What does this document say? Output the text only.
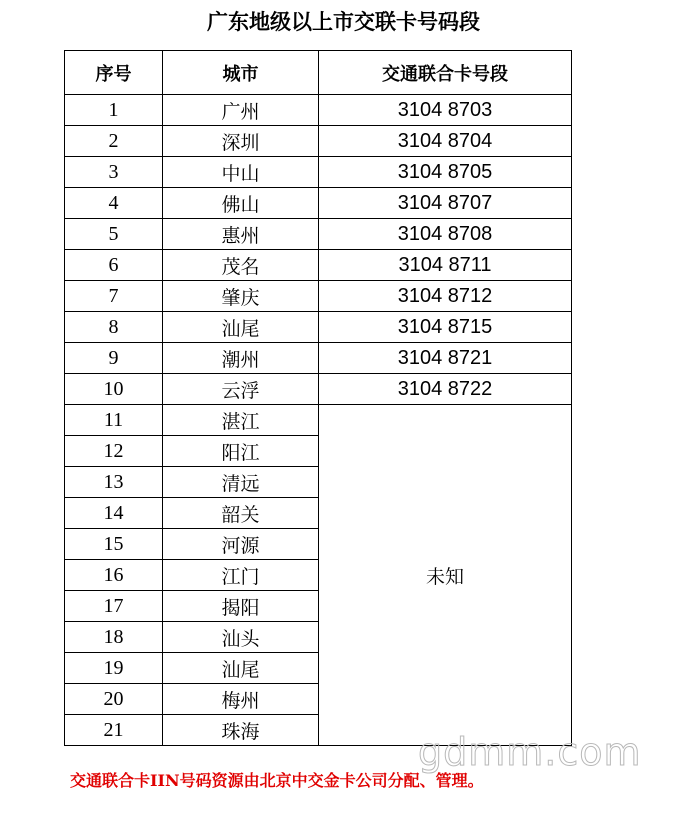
广东地级以上市交联卡号码段
序号	城市	交通联合卡号段
1	广州	3104 8703
2	深圳	3104 8704
3	中山	3104 8705
4	佛山	3104 8707
5	惠州	3104 8708
6	茂名	3104 8711
7	肇庆	3104 8712
8	汕尾	3104 8715
9	潮州	3104 8721
10	云浮	3104 8722
11	湛江	未知
12	阳江	
13	清远	
14	韶关	
15	河源	
16	江门	
17	揭阳	
18	汕头	
19	汕尾	
20	梅州	
21	珠海		gdmm.com
交通联合卡IIN号码资源由北京中交金卡公司分配、管理。
